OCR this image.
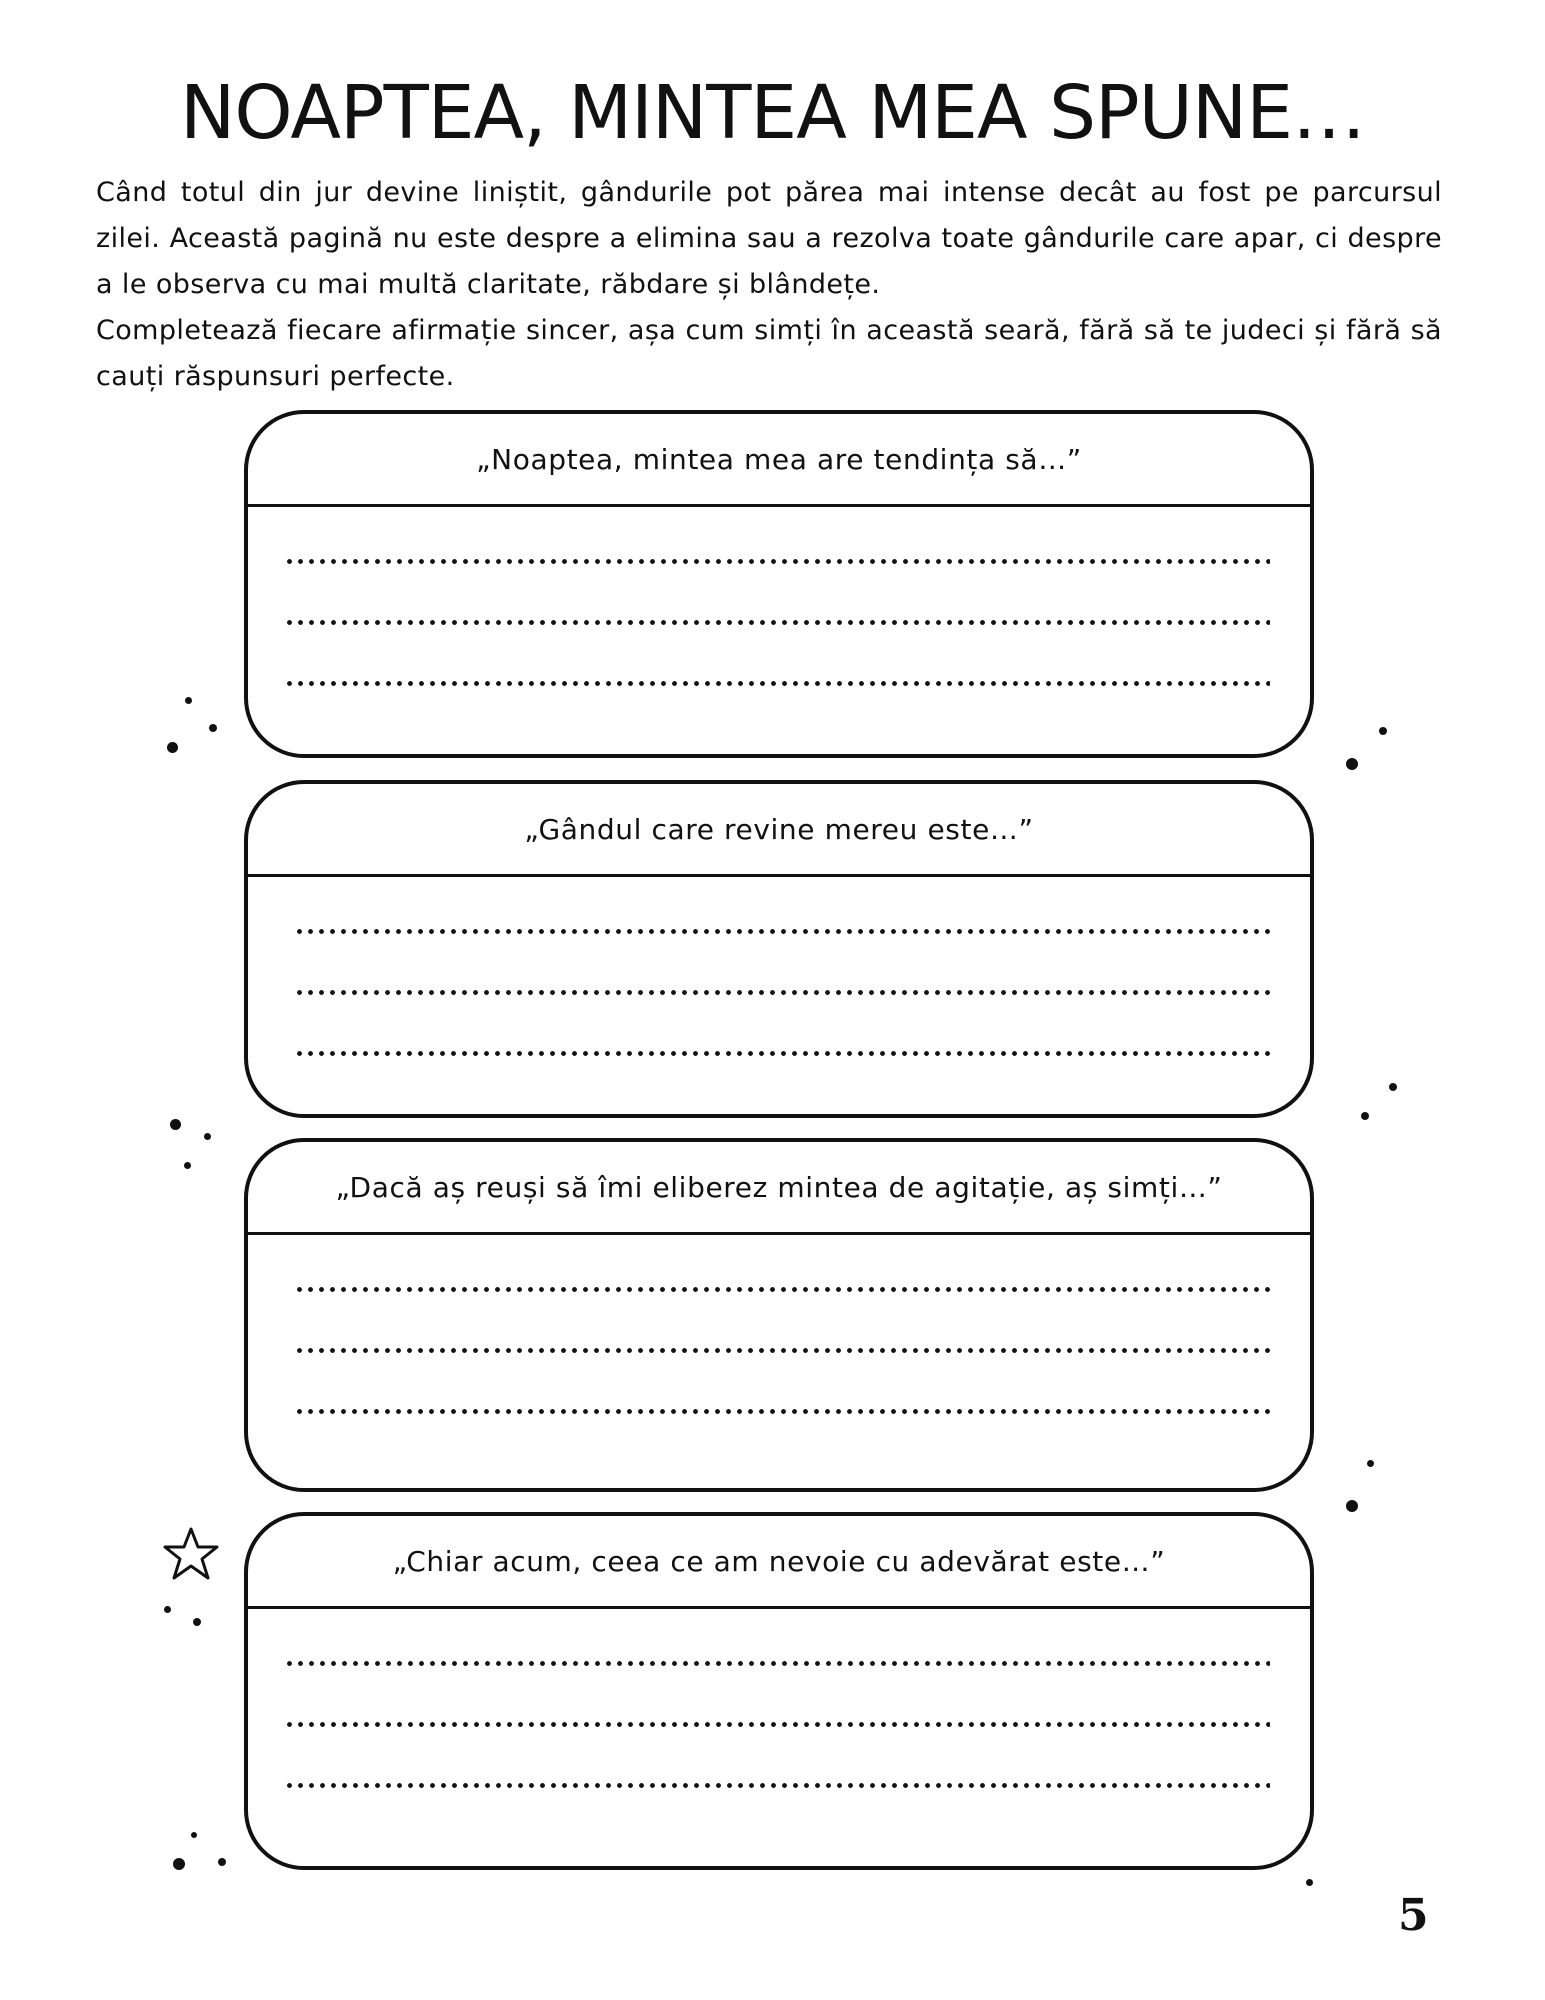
NOAPTEA, MINTEA MEA SPUNE…

Când totul din jur devine liniștit, gândurile pot părea mai intense decât au fost pe parcursul zilei. Această pagină nu este despre a elimina sau a rezolva toate gândurile care apar, ci despre a le observa cu mai multă claritate, răbdare și blândețe.

Completează fiecare afirmație sincer, așa cum simți în această seară, fără să te judeci și fără să cauți răspunsuri perfecte.

„Noaptea, mintea mea are tendința să…”
„Gândul care revine mereu este…”
„Dacă aș reuși să îmi eliberez mintea de agitație, aș simți…”
„Chiar acum, ceea ce am nevoie cu adevărat este…”
5
